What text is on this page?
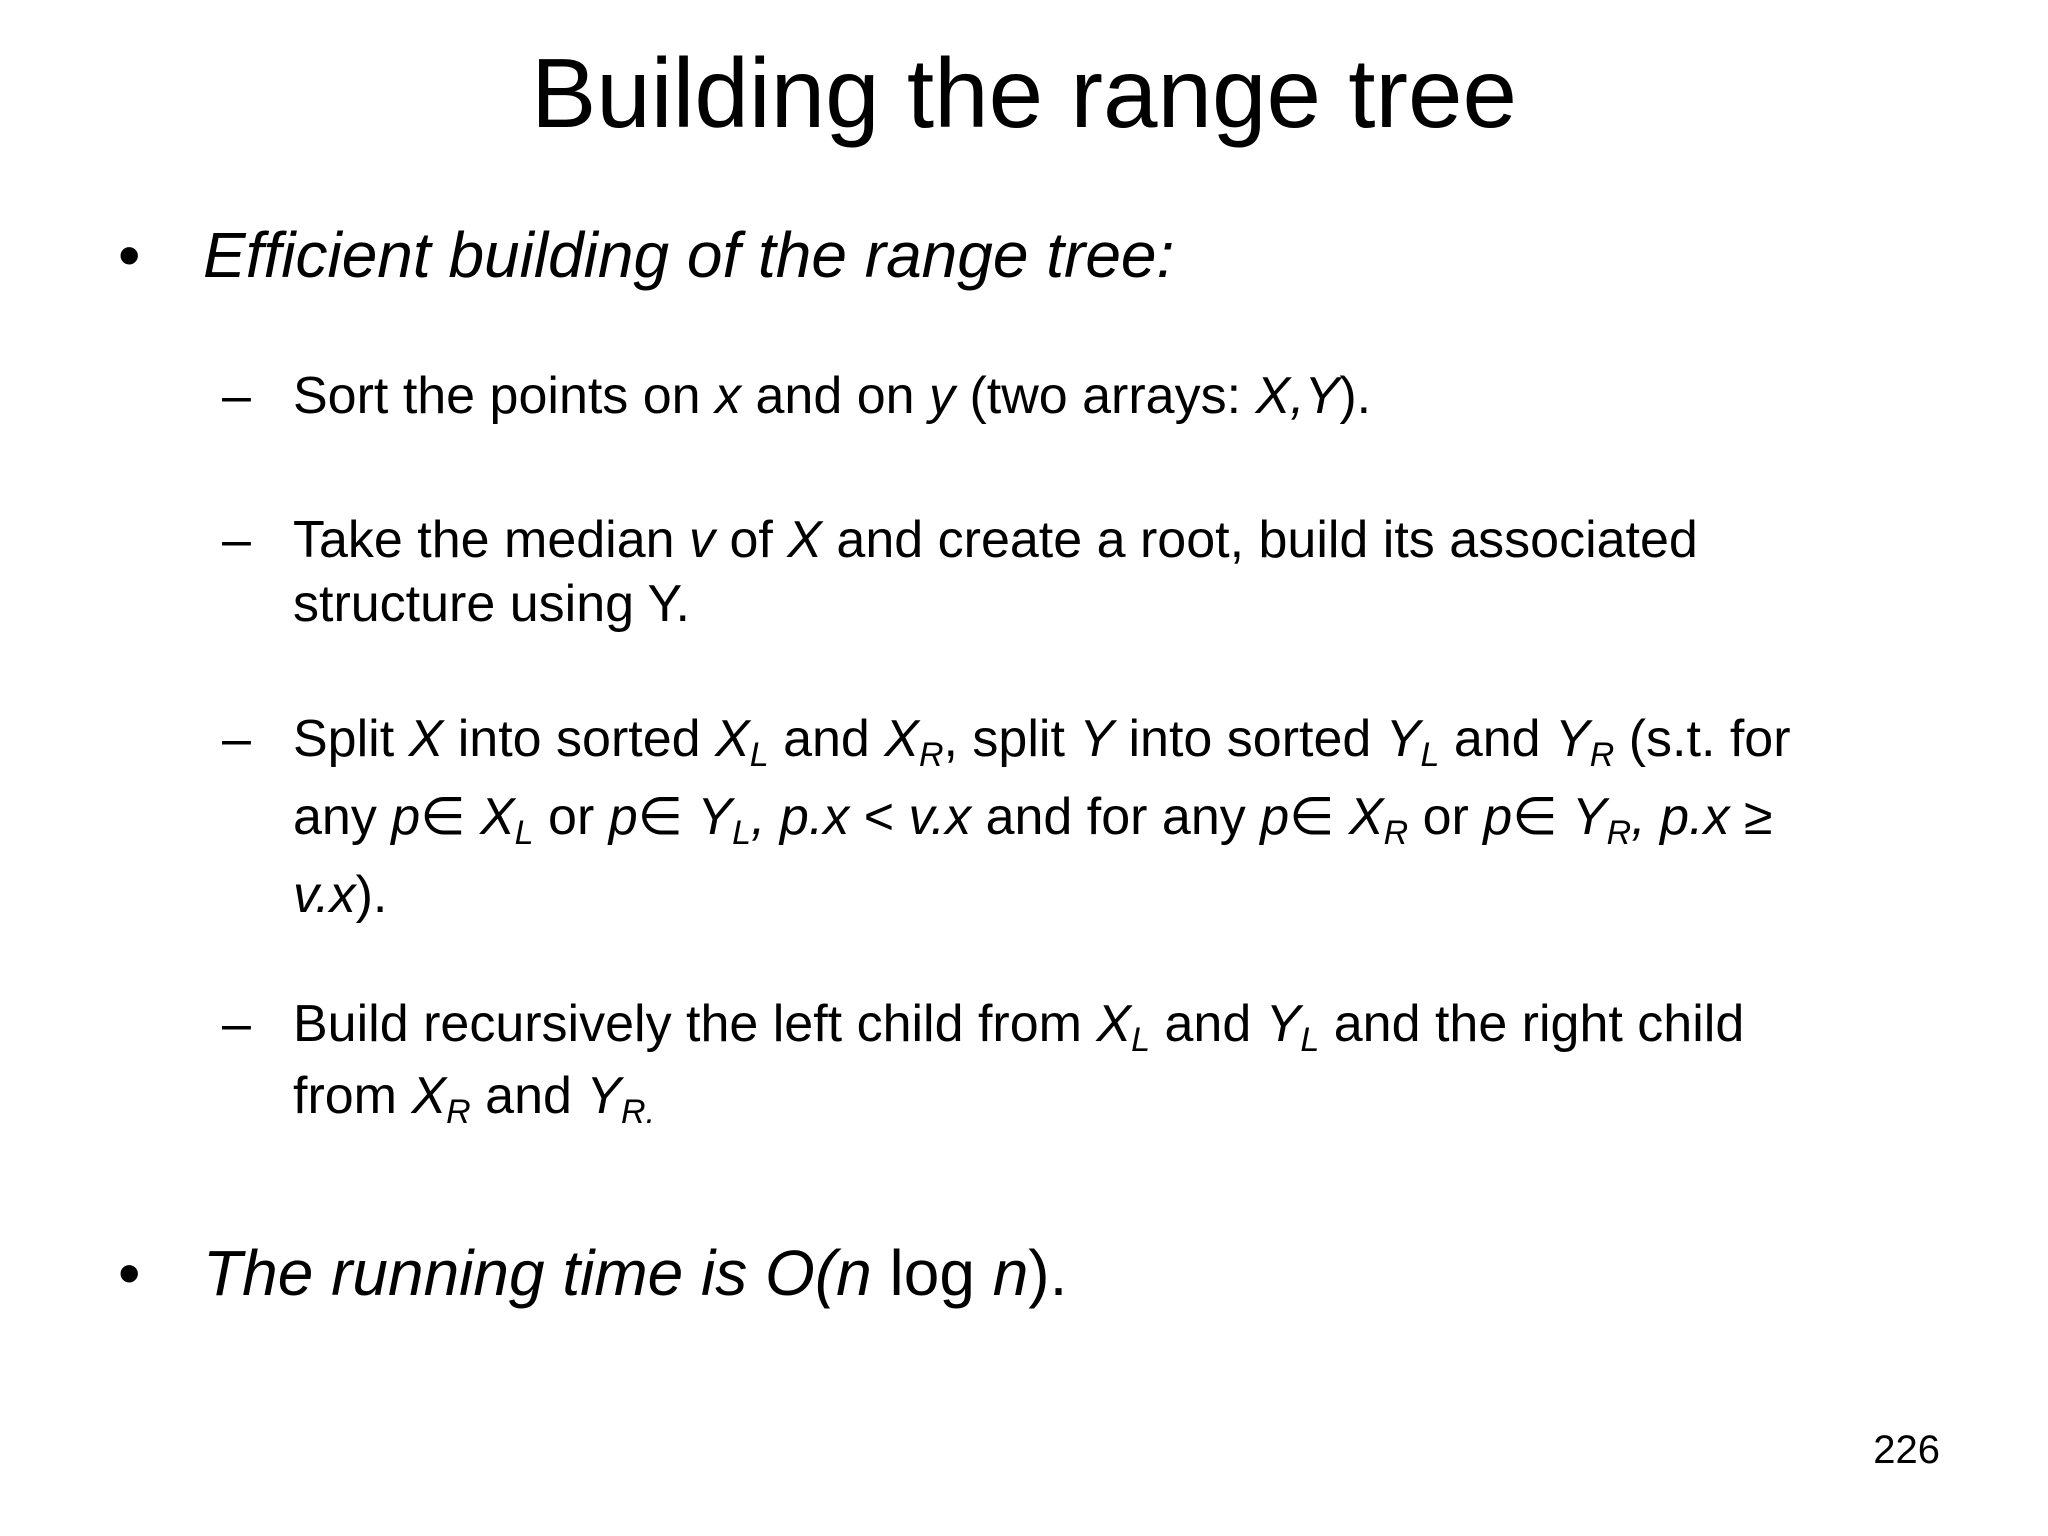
Building the range tree
• Efficient building of the range tree:
– Sort the points on x and on y (two arrays: X,Y).
– Take the median v of X and create a root, build its associated
structure using Y.
– Split X into sorted $X_L$ and $X_R$, split Y into sorted $Y_L$ and $Y_R$ (s.t. for
any p∈ $X_L$ or p∈ $Y_L$, p.x < v.x and for any p∈ $X_R$ or p∈ $Y_R$, p.x ≥
v.x).
– Build recursively the left child from $X_L$ and $Y_L$ and the right child
from $X_R$ and $Y_{R.}$
• The running time is O(n log n).
226
